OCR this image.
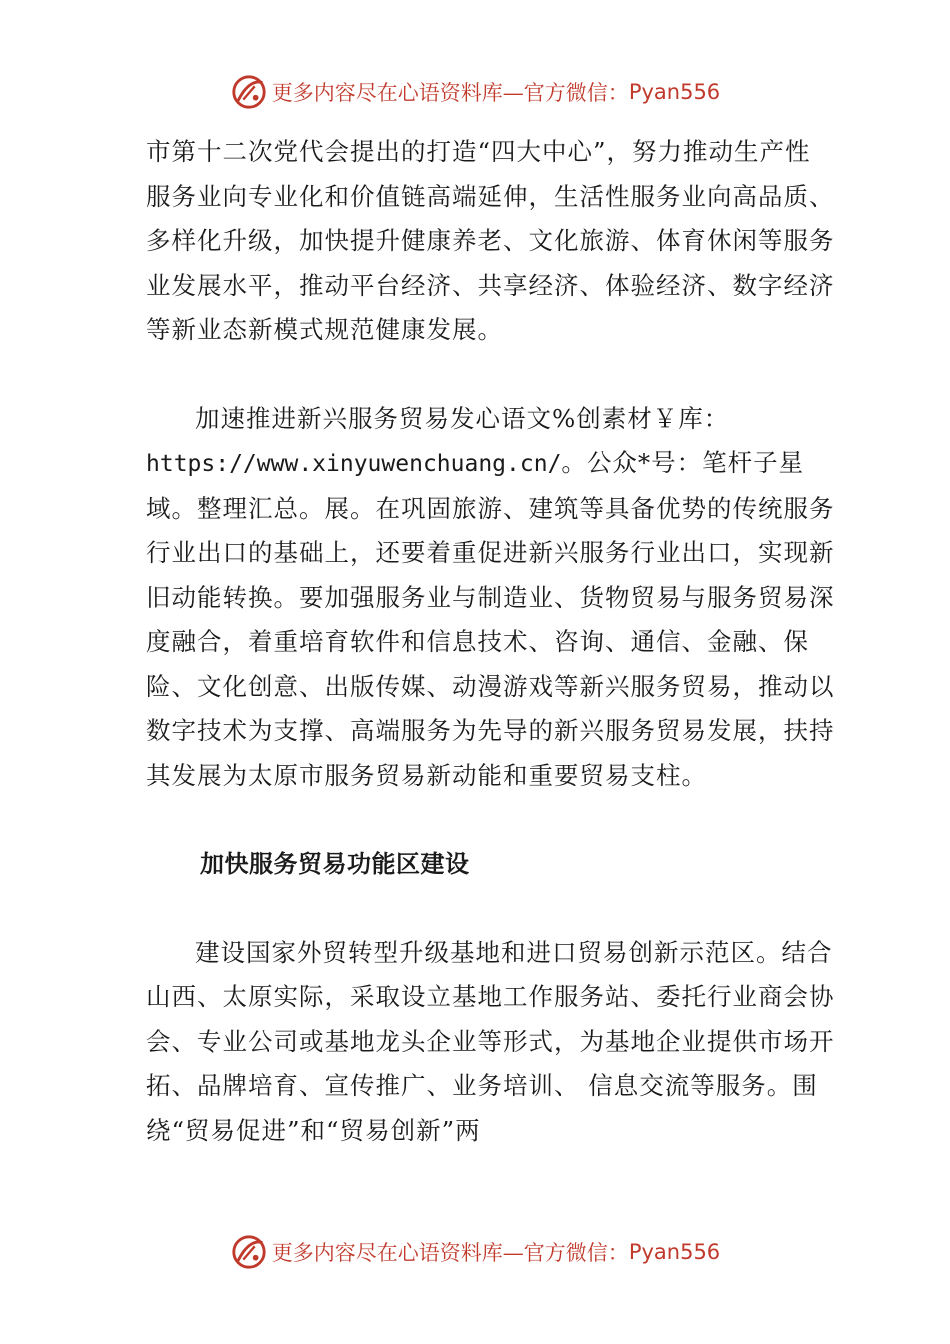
更多内容尽在心语资料库—官方微信： Pyan556

市第十二次党代会提出的打造“四大中心”，努力推动生产性服务业向专业化和价值链高端延伸，生活性服务业向高品质、多样化升级，加快提升健康养老、文化旅游、体育休闲等服务业发展水平，推动平台经济、共享经济、体验经济、数字经济等新业态新模式规范健康发展。

加速推进新兴服务贸易发心语文%创素材￥库：https://www.xinyuwenchuang.cn/。公众*号：笔杆子星域。整理汇总。展。在巩固旅游、建筑等具备优势的传统服务行业出口的基础上，还要着重促进新兴服务行业出口，实现新旧动能转换。要加强服务业与制造业、货物贸易与服务贸易深度融合，着重培育软件和信息技术、咨询、通信、金融、保险、文化创意、出版传媒、动漫游戏等新兴服务贸易，推动以数字技术为支撑、高端服务为先导的新兴服务贸易发展，扶持其发展为太原市服务贸易新动能和重要贸易支柱。

加快服务贸易功能区建设

建设国家外贸转型升级基地和进口贸易创新示范区。结合山西、太原实际，采取设立基地工作服务站、委托行业商会协会、专业公司或基地龙头企业等形式，为基地企业提供市场开拓、品牌培育、宣传推广、业务培训、 信息交流等服务。围绕“贸易促进”和“贸易创新”两

更多内容尽在心语资料库—官方微信： Pyan556
